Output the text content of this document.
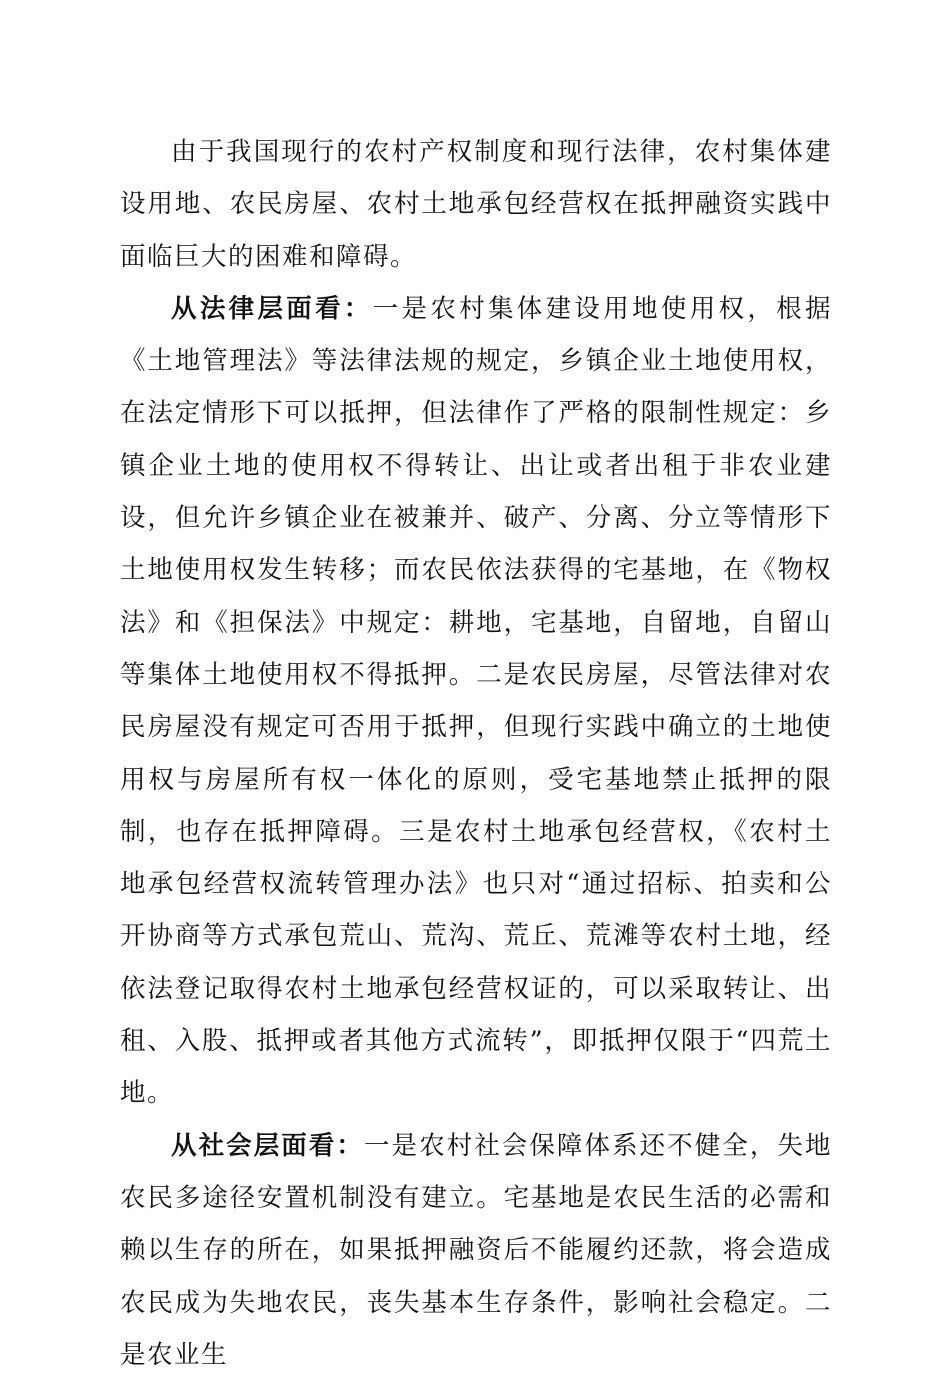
由于我国现行的农村产权制度和现行法律，农村集体建设用地、农民房屋、农村土地承包经营权在抵押融资实践中面临巨大的困难和障碍。

从法律层面看：一是农村集体建设用地使用权，根据《土地管理法》等法律法规的规定，乡镇企业土地使用权，在法定情形下可以抵押，但法律作了严格的限制性规定：乡镇企业土地的使用权不得转让、出让或者出租于非农业建设，但允许乡镇企业在被兼并、破产、分离、分立等情形下土地使用权发生转移；而农民依法获得的宅基地，在《物权法》和《担保法》中规定：耕地，宅基地，自留地，自留山等集体土地使用权不得抵押。二是农民房屋，尽管法律对农民房屋没有规定可否用于抵押，但现行实践中确立的土地使用权与房屋所有权一体化的原则，受宅基地禁止抵押的限制，也存在抵押障碍。三是农村土地承包经营权，《农村土地承包经营权流转管理办法》也只对“通过招标、拍卖和公开协商等方式承包荒山、荒沟、荒丘、荒滩等农村土地，经依法登记取得农村土地承包经营权证的，可以采取转让、出租、入股、抵押或者其他方式流转”，即抵押仅限于“四荒土地。

从社会层面看：一是农村社会保障体系还不健全，失地农民多途径安置机制没有建立。宅基地是农民生活的必需和赖以生存的所在，如果抵押融资后不能履约还款，将会造成农民成为失地农民，丧失基本生存条件，影响社会稳定。二是农业生
